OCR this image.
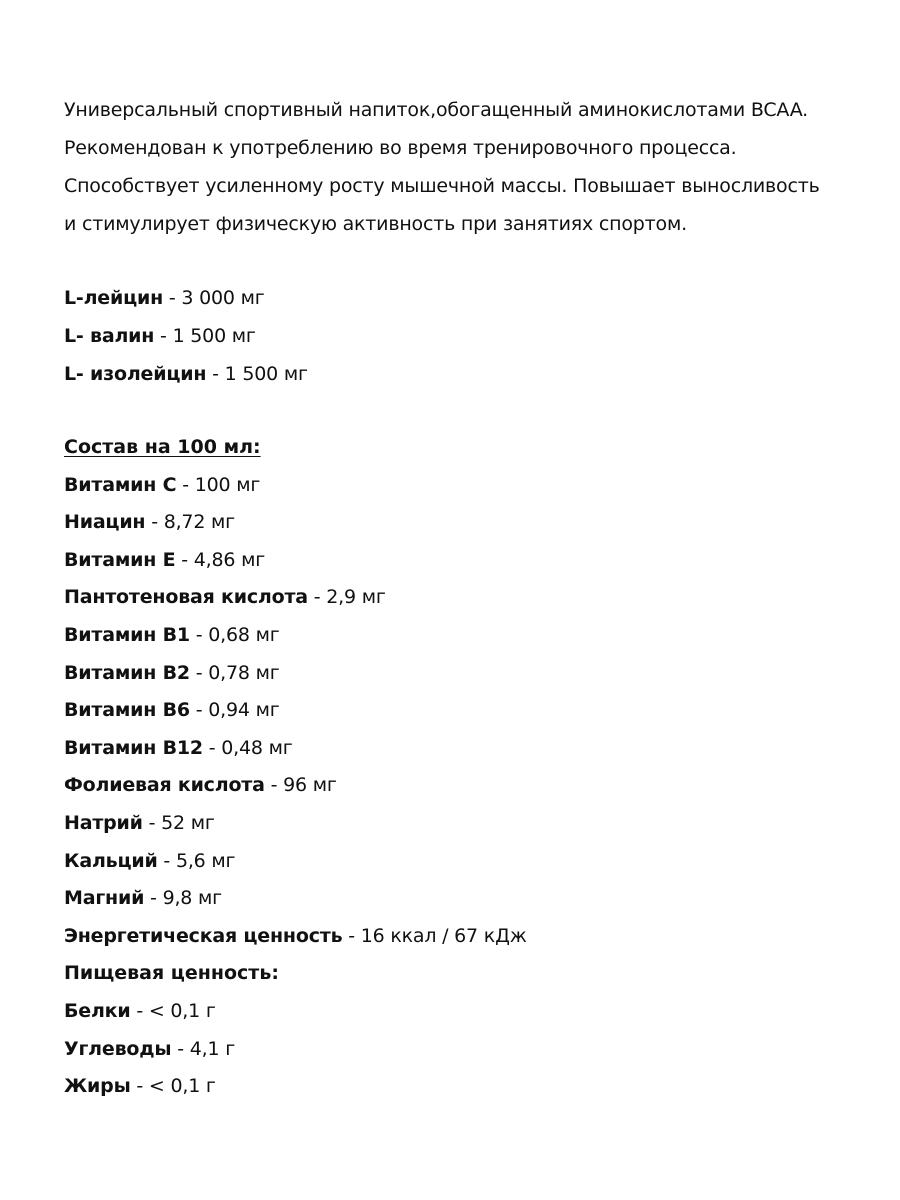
Универсальный спортивный напиток,обогащенный аминокислотами BCAA.

Рекомендован к употреблению во время тренировочного процесса.

Способствует усиленному росту мышечной массы. Повышает выносливость

и стимулирует физическую активность при занятиях спортом.

L-лейцин - 3 000 мг
L- валин - 1 500 мг
L- изолейцин - 1 500 мг
Состав на 100 мл:
Витамин С - 100 мг
Ниацин - 8,72 мг
Витамин Е - 4,86 мг
Пантотеновая кислота - 2,9 мг
Витамин В1 - 0,68 мг
Витамин В2 - 0,78 мг
Витамин В6 - 0,94 мг
Витамин В12 - 0,48 мг
Фолиевая кислота - 96 мг
Натрий - 52 мг
Кальций - 5,6 мг
Магний - 9,8 мг
Энергетическая ценность - 16 ккал / 67 кДж
Пищевая ценность:
Белки - < 0,1 г
Углеводы - 4,1 г
Жиры - < 0,1 г
